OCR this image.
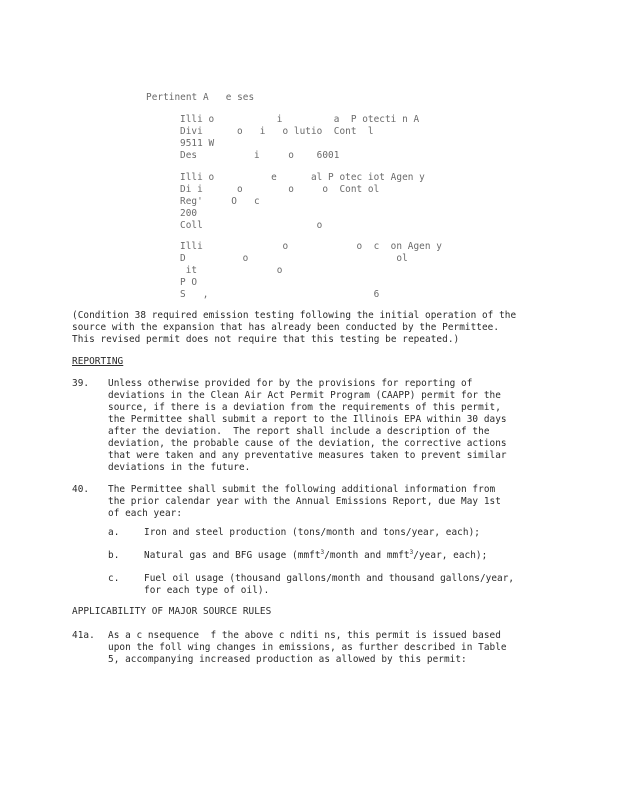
Pertinent A   e ses
Illi o           i         a  P otecti n A
Divi      o   i   o lutio  Cont  l
9511 W
Des          i     o    6001
Illi o          e      al P otec iot Agen y
Di i      o        o     o  Cont ol
Reg'     O   c
200
Coll                    o
Illi              o            o  c  on Agen y
D          o                          ol
it              o
P O
S   ,                             6
(Condition 38 required emission testing following the initial operation of the
source with the expansion that has already been conducted by the Permittee.
This revised permit does not require that this testing be repeated.)
REPORTING
39. Unless otherwise provided for by the provisions for reporting of
deviations in the Clean Air Act Permit Program (CAAPP) permit for the
source, if there is a deviation from the requirements of this permit,
the Permittee shall submit a report to the Illinois EPA within 30 days
after the deviation.  The report shall include a description of the
deviation, the probable cause of the deviation, the corrective actions
that were taken and any preventative measures taken to prevent similar
deviations in the future.
40. The Permittee shall submit the following additional information from
the prior calendar year with the Annual Emissions Report, due May 1st
of each year:
a.	Iron and steel production (tons/month and tons/year, each);
b.	Natural gas and BFG usage (mmft$^3$/month and mmft$^3$/year, each);
c.	Fuel oil usage (thousand gallons/month and thousand gallons/year,
for each type of oil).
APPLICABILITY OF MAJOR SOURCE RULES
41a. As a c nsequence  f the above c nditi ns, this permit is issued based
upon the foll wing changes in emissions, as further described in Table
5, accompanying increased production as allowed by this permit:
